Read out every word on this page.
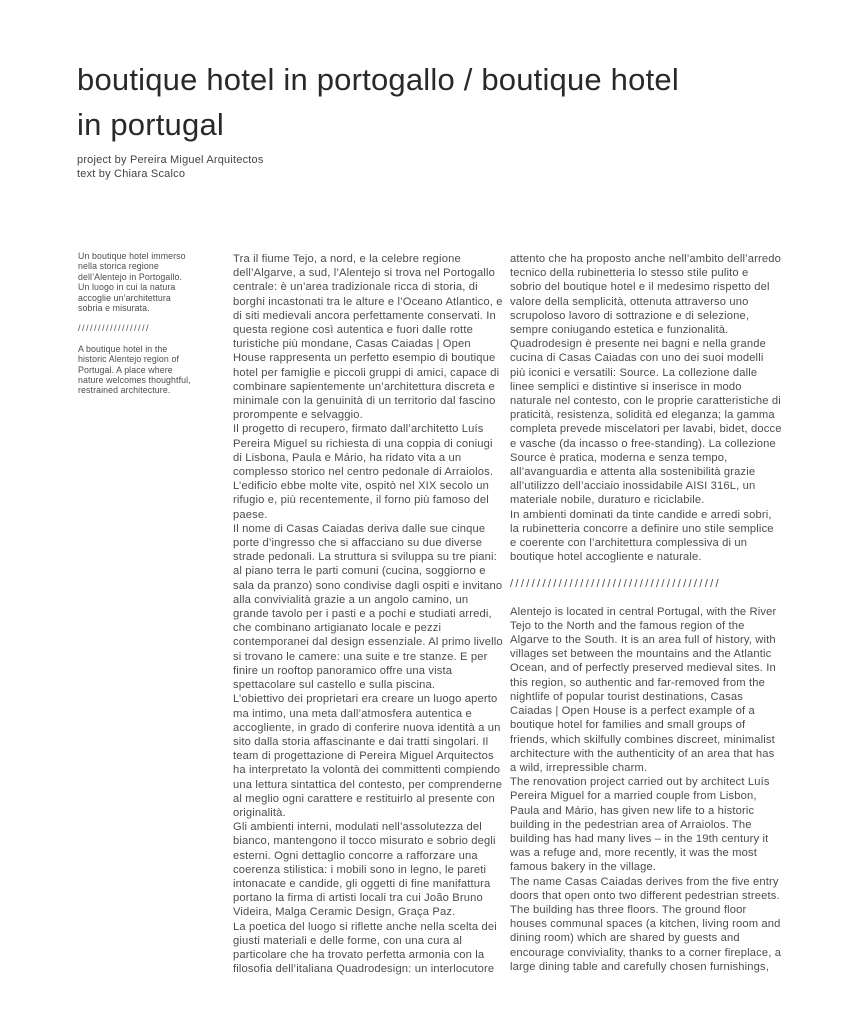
boutique hotel in portogallo / boutique hotel
in portugal
project by Pereira Miguel Arquitectos
text by Chiara Scalco

Un boutique hotel immerso nella storica regione dell’Alentejo in Portogallo. Un luogo in cui la natura accoglie un’architettura sobria e misurata.

//////////////////

A boutique hotel in the historic Alentejo region of Portugal. A place where nature welcomes thoughtful, restrained architecture.

Tra il fiume Tejo, a nord, e la celebre regione dell’Algarve, a sud, l’Alentejo si trova nel Portogallo centrale: è un’area tradizionale ricca di storia, di borghi incastonati tra le alture e l’Oceano Atlantico, e di siti medievali ancora perfettamente conservati. In questa regione così autentica e fuori dalle rotte turistiche più mondane, Casas Caiadas | Open House rappresenta un perfetto esempio di boutique hotel per famiglie e piccoli gruppi di amici, capace di combinare sapientemente un’architettura discreta e minimale con la genuinità di un territorio dal fascino prorompente e selvaggio.

Il progetto di recupero, firmato dall’architetto Luís Pereira Miguel su richiesta di una coppia di coniugi di Lisbona, Paula e Mário, ha ridato vita a un complesso storico nel centro pedonale di Arraiolos. L’edificio ebbe molte vite, ospitò nel XIX secolo un rifugio e, più recentemente, il forno più famoso del paese.

Il nome di Casas Caiadas deriva dalle sue cinque porte d’ingresso che si affacciano su due diverse strade pedonali. La struttura si sviluppa su tre piani: al piano terra le parti comuni (cucina, soggiorno e sala da pranzo) sono condivise dagli ospiti e invitano alla convivialità grazie a un angolo camino, un grande tavolo per i pasti e a pochi e studiati arredi, che combinano artigianato locale e pezzi contemporanei dal design essenziale. Al primo livello si trovano le camere: una suite e tre stanze. E per finire un rooftop panoramico offre una vista spettacolare sul castello e sulla piscina.

L’obiettivo dei proprietari era creare un luogo aperto ma intimo, una meta dall’atmosfera autentica e accogliente, in grado di conferire nuova identità a un sito dalla storia affascinante e dai tratti singolari. Il team di progettazione di Pereira Miguel Arquitectos ha interpretato la volontà dei committenti compiendo una lettura sintattica del contesto, per comprenderne al meglio ogni carattere e restituirlo al presente con originalità.

Gli ambienti interni, modulati nell’assolutezza del bianco, mantengono il tocco misurato e sobrio degli esterni. Ogni dettaglio concorre a rafforzare una coerenza stilistica: i mobili sono in legno, le pareti intonacate e candide, gli oggetti di fine manifattura portano la firma di artisti locali tra cui João Bruno Videira, Malga Ceramic Design, Graça Paz.

La poetica del luogo si riflette anche nella scelta dei giusti materiali e delle forme, con una cura al particolare che ha trovato perfetta armonia con la filosofia dell’italiana Quadrodesign: un interlocutore

attento che ha proposto anche nell’ambito dell’arredo tecnico della rubinetteria lo stesso stile pulito e sobrio del boutique hotel e il medesimo rispetto del valore della semplicità, ottenuta attraverso uno scrupoloso lavoro di sottrazione e di selezione, sempre coniugando estetica e funzionalità.

Quadrodesign è presente nei bagni e nella grande cucina di Casas Caiadas con uno dei suoi modelli più iconici e versatili: Source. La collezione dalle linee semplici e distintive si inserisce in modo naturale nel contesto, con le proprie caratteristiche di praticità, resistenza, solidità ed eleganza; la gamma completa prevede miscelatori per lavabi, bidet, docce e vasche (da incasso o free-standing). La collezione Source è pratica, moderna e senza tempo, all’avanguardia e attenta alla sostenibilità grazie all’utilizzo dell’acciaio inossidabile AISI 316L, un materiale nobile, duraturo e riciclabile.

In ambienti dominati da tinte candide e arredi sobri, la rubinetteria concorre a definire uno stile semplice e coerente con l’architettura complessiva di un boutique hotel accogliente e naturale.

///////////////////////////////////////

Alentejo is located in central Portugal, with the River Tejo to the North and the famous region of the Algarve to the South. It is an area full of history, with villages set between the mountains and the Atlantic Ocean, and of perfectly preserved medieval sites. In this region, so authentic and far-removed from the nightlife of popular tourist destinations, Casas Caiadas | Open House is a perfect example of a boutique hotel for families and small groups of friends, which skilfully combines discreet, minimalist architecture with the authenticity of an area that has a wild, irrepressible charm.

The renovation project carried out by architect Luís Pereira Miguel for a married couple from Lisbon, Paula and Mário, has given new life to a historic building in the pedestrian area of Arraiolos. The building has had many lives – in the 19th century it was a refuge and, more recently, it was the most famous bakery in the village.

The name Casas Caiadas derives from the five entry doors that open onto two different pedestrian streets. The building has three floors. The ground floor houses communal spaces (a kitchen, living room and dining room) which are shared by guests and encourage conviviality, thanks to a corner fireplace, a large dining table and carefully chosen furnishings,
